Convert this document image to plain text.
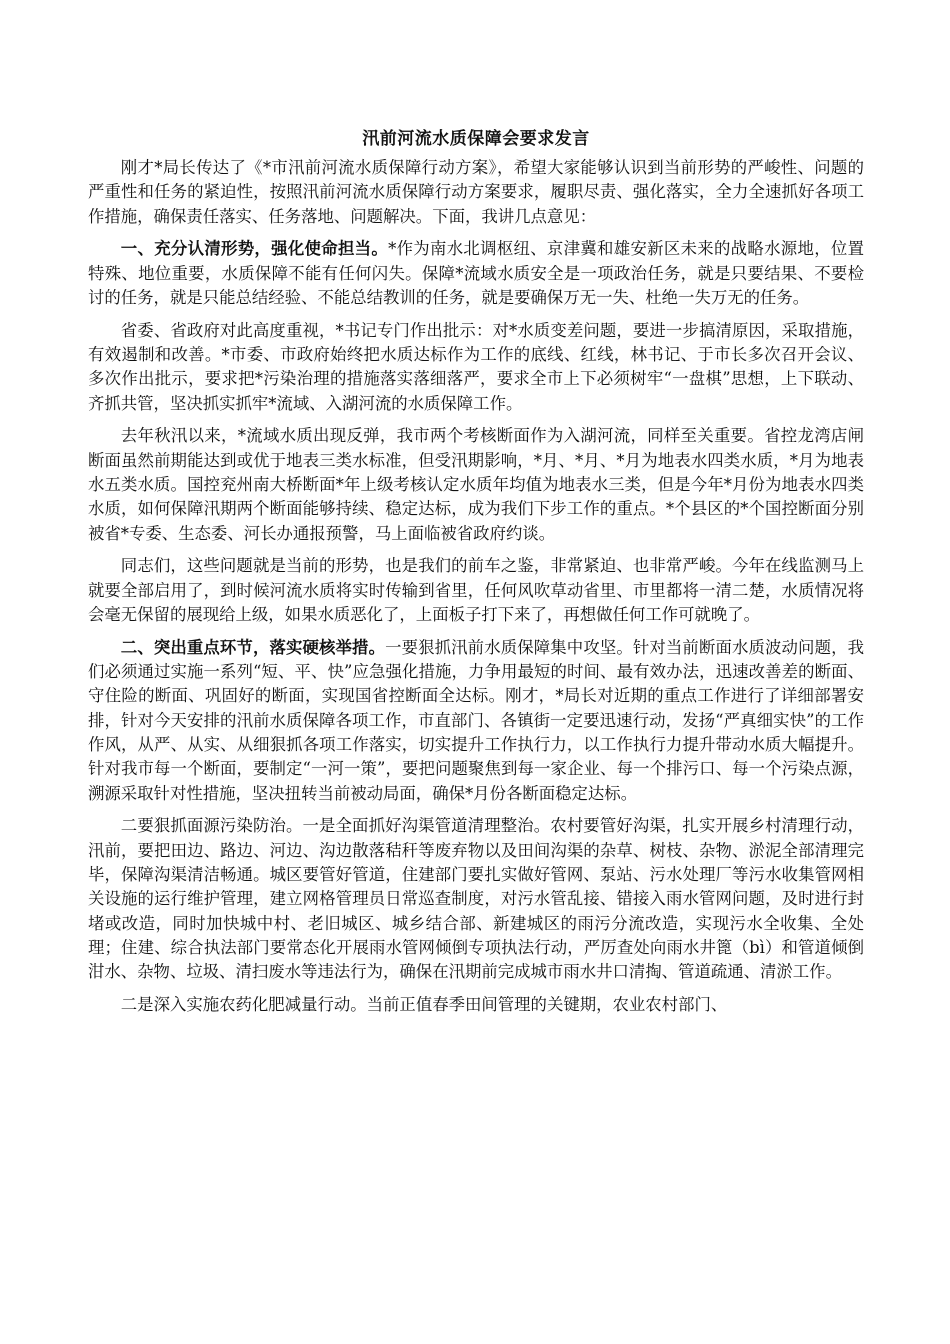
汛前河流水质保障会要求发言

刚才*局长传达了《*市汛前河流水质保障行动方案》，希望大家能够认识到当前形势的严峻性、问题的严重性和任务的紧迫性，按照汛前河流水质保障行动方案要求，履职尽责、强化落实，全力全速抓好各项工作措施，确保责任落实、任务落地、问题解决。下面，我讲几点意见：

一、充分认清形势，强化使命担当。*作为南水北调枢纽、京津冀和雄安新区未来的战略水源地，位置特殊、地位重要，水质保障不能有任何闪失。保障*流域水质安全是一项政治任务，就是只要结果、不要检讨的任务，就是只能总结经验、不能总结教训的任务，就是要确保万无一失、杜绝一失万无的任务。

省委、省政府对此高度重视，*书记专门作出批示：对*水质变差问题，要进一步搞清原因，采取措施，有效遏制和改善。*市委、市政府始终把水质达标作为工作的底线、红线，林书记、于市长多次召开会议、多次作出批示，要求把*污染治理的措施落实落细落严，要求全市上下必须树牢“一盘棋”思想，上下联动、齐抓共管，坚决抓实抓牢*流域、入湖河流的水质保障工作。

去年秋汛以来，*流域水质出现反弹，我市两个考核断面作为入湖河流，同样至关重要。省控龙湾店闸断面虽然前期能达到或优于地表三类水标准，但受汛期影响，*月、*月、*月为地表水四类水质，*月为地表水五类水质。国控兖州南大桥断面*年上级考核认定水质年均值为地表水三类，但是今年*月份为地表水四类水质，如何保障汛期两个断面能够持续、稳定达标，成为我们下步工作的重点。*个县区的*个国控断面分别被省*专委、生态委、河长办通报预警，马上面临被省政府约谈。

同志们，这些问题就是当前的形势，也是我们的前车之鉴，非常紧迫、也非常严峻。今年在线监测马上就要全部启用了，到时候河流水质将实时传输到省里，任何风吹草动省里、市里都将一清二楚，水质情况将会毫无保留的展现给上级，如果水质恶化了，上面板子打下来了，再想做任何工作可就晚了。

二、突出重点环节，落实硬核举措。一要狠抓汛前水质保障集中攻坚。针对当前断面水质波动问题，我们必须通过实施一系列“短、平、快”应急强化措施，力争用最短的时间、最有效办法，迅速改善差的断面、守住险的断面、巩固好的断面，实现国省控断面全达标。刚才，*局长对近期的重点工作进行了详细部署安排，针对今天安排的汛前水质保障各项工作，市直部门、各镇街一定要迅速行动，发扬“严真细实快”的工作作风，从严、从实、从细狠抓各项工作落实，切实提升工作执行力，以工作执行力提升带动水质大幅提升。针对我市每一个断面，要制定“一河一策”，要把问题聚焦到每一家企业、每一个排污口、每一个污染点源，溯源采取针对性措施，坚决扭转当前被动局面，确保*月份各断面稳定达标。

二要狠抓面源污染防治。一是全面抓好沟渠管道清理整治。农村要管好沟渠，扎实开展乡村清理行动，汛前，要把田边、路边、河边、沟边散落秸秆等废弃物以及田间沟渠的杂草、树枝、杂物、淤泥全部清理完毕，保障沟渠清洁畅通。城区要管好管道，住建部门要扎实做好管网、泵站、污水处理厂等污水收集管网相关设施的运行维护管理，建立网格管理员日常巡查制度，对污水管乱接、错接入雨水管网问题，及时进行封堵或改造，同时加快城中村、老旧城区、城乡结合部、新建城区的雨污分流改造，实现污水全收集、全处理；住建、综合执法部门要常态化开展雨水管网倾倒专项执法行动，严厉查处向雨水井篦（bì）和管道倾倒泔水、杂物、垃圾、清扫废水等违法行为，确保在汛期前完成城市雨水井口清掏、管道疏通、清淤工作。

二是深入实施农药化肥减量行动。当前正值春季田间管理的关键期，农业农村部门、
